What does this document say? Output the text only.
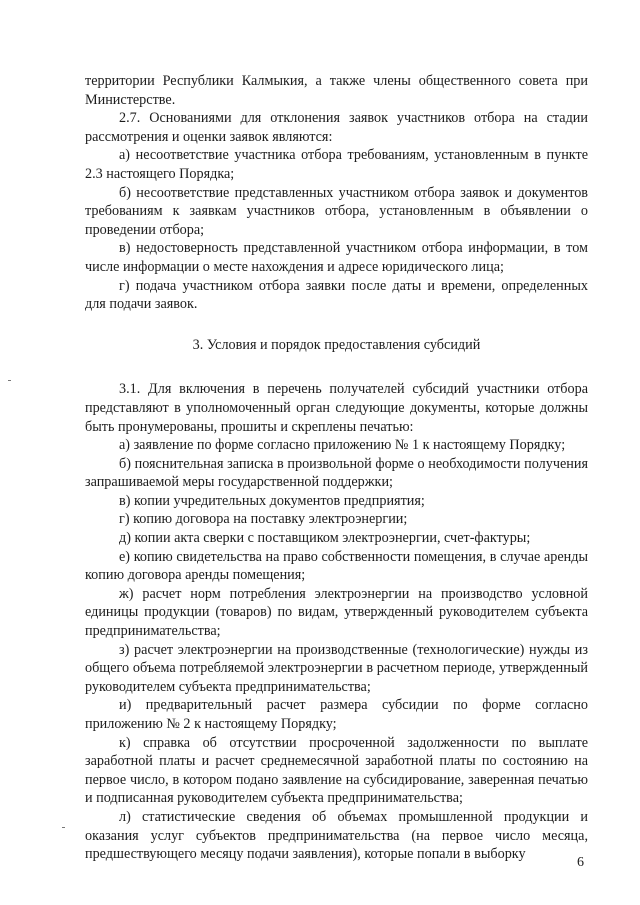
территории Республики Калмыкия, а также члены общественного совета при Министерстве.

2.7. Основаниями для отклонения заявок участников отбора на стадии рассмотрения и оценки заявок являются:

а) несоответствие участника отбора требованиям, установленным в пункте 2.3 настоящего Порядка;

б) несоответствие представленных участником отбора заявок и документов требованиям к заявкам участников отбора, установленным в объявлении о проведении отбора;

в) недостоверность представленной участником отбора информации, в том числе информации о месте нахождения и адресе юридического лица;

г) подача участником отбора заявки после даты и времени, определенных для подачи заявок.

3. Условия и порядок предоставления субсидий

3.1. Для включения в перечень получателей субсидий участники отбора представляют в уполномоченный орган следующие документы, которые должны быть пронумерованы, прошиты и скреплены печатью:

а) заявление по форме согласно приложению № 1 к настоящему Порядку;

б) пояснительная записка в произвольной форме о необходимости получения запрашиваемой меры государственной поддержки;

в) копии учредительных документов предприятия;

г) копию договора на поставку электроэнергии;

д) копии акта сверки с поставщиком электроэнергии, счет-фактуры;

е) копию свидетельства на право собственности помещения, в случае аренды копию договора аренды помещения;

ж) расчет норм потребления электроэнергии на производство условной единицы продукции (товаров) по видам, утвержденный руководителем субъекта предпринимательства;

з) расчет электроэнергии на производственные (технологические) нужды из общего объема потребляемой электроэнергии в расчетном периоде, утвержденный руководителем субъекта предпринимательства;

и) предварительный расчет размера субсидии по форме согласно приложению № 2 к настоящему Порядку;

к) справка об отсутствии просроченной задолженности по выплате заработной платы и расчет среднемесячной заработной платы по состоянию на первое число, в котором подано заявление на субсидирование, заверенная печатью и подписанная руководителем субъекта предпринимательства;

л) статистические сведения об объемах промышленной продукции и оказания услуг субъектов предпринимательства (на первое число месяца, предшествующего месяцу подачи заявления), которые попали в выборку

6
